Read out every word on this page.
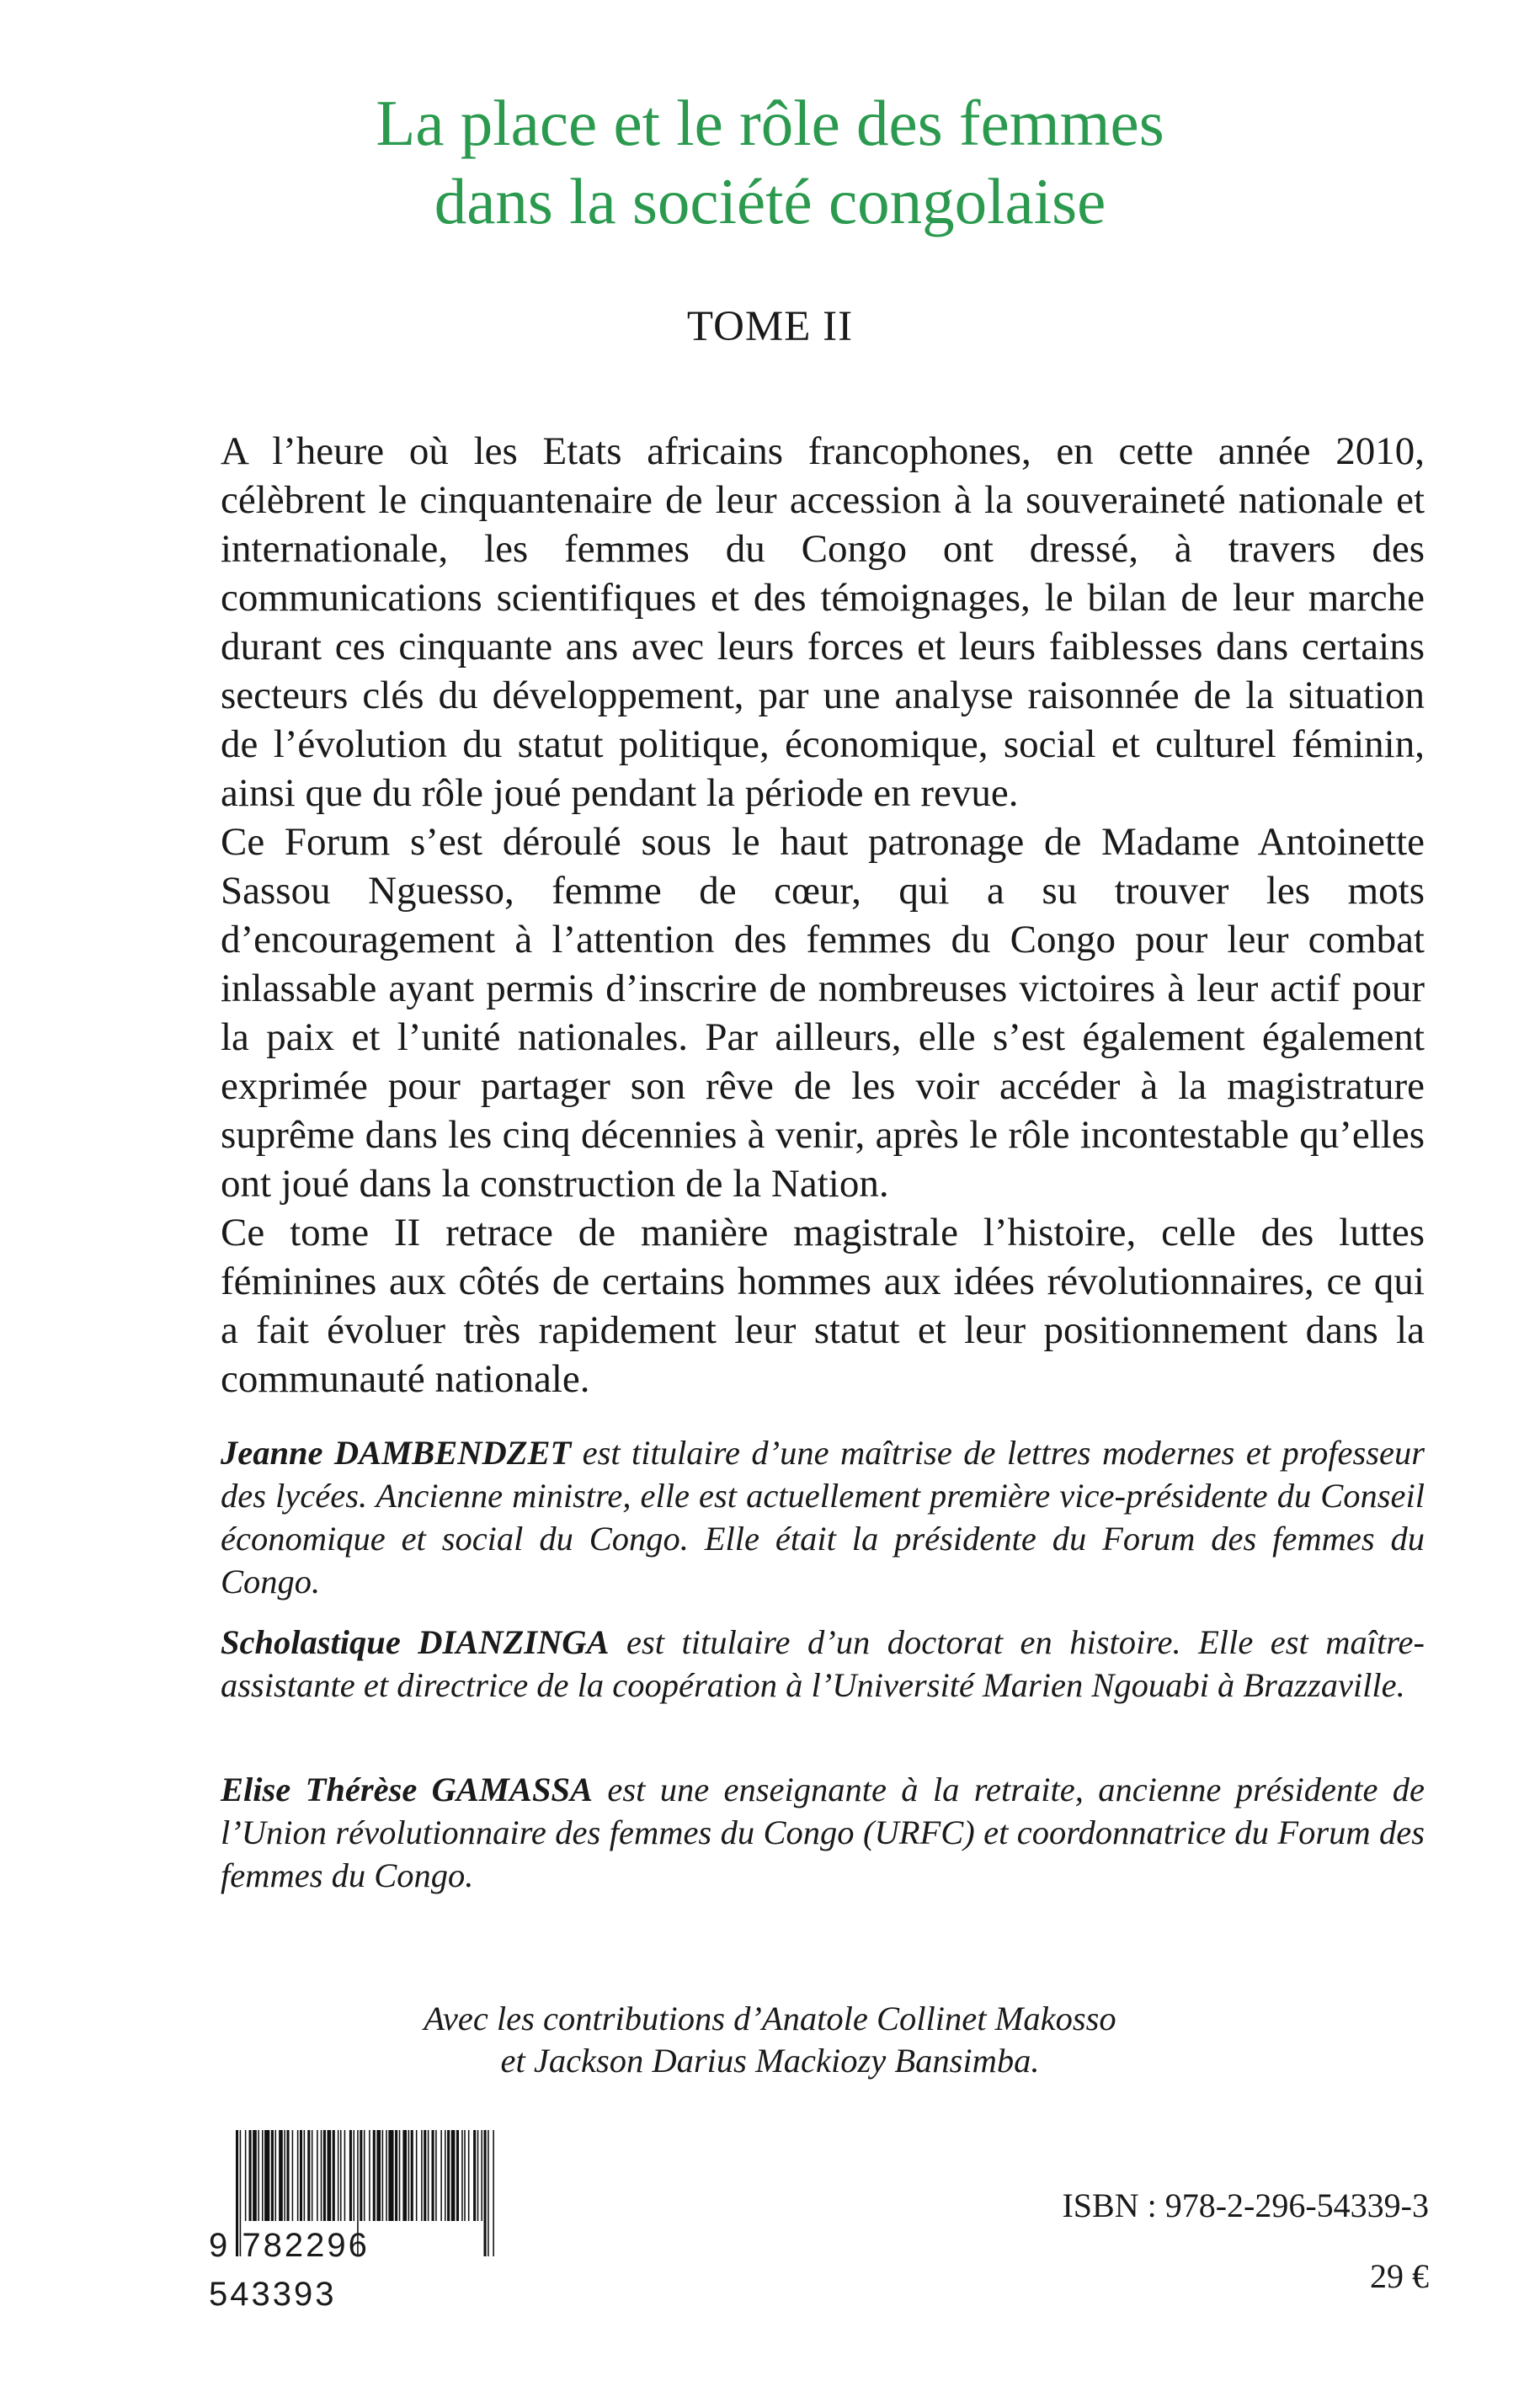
La place et le rôle des femmes
dans la société congolaise
TOME II

A l’heure où les Etats africains francophones, en cette année 2010, célèbrent le cinquantenaire de leur accession à la souveraineté nationale et internationale, les femmes du Congo ont dressé, à travers des communications scientifiques et des témoignages, le bilan de leur marche durant ces cinquante ans avec leurs forces et leurs faiblesses dans certains secteurs clés du développement, par une analyse raisonnée de la situation de l’évolution du statut politique, économique, social et culturel féminin, ainsi que du rôle joué pendant la période en revue.

Ce Forum s’est déroulé sous le haut patronage de Madame Antoinette Sassou Nguesso, femme de cœur, qui a su trouver les mots d’encouragement à l’attention des femmes du Congo pour leur combat inlassable ayant permis d’inscrire de nombreuses victoires à leur actif pour la paix et l’unité nationales. Par ailleurs, elle s’est également également exprimée pour partager son rêve de les voir accéder à la magistrature suprême dans les cinq décennies à venir, après le rôle incontestable qu’elles ont joué dans la construction de la Nation.

Ce tome II retrace de manière magistrale l’histoire, celle des luttes féminines aux côtés de certains hommes aux idées révolutionnaires, ce qui a fait évoluer très rapidement leur statut et leur positionnement dans la communauté nationale.

Jeanne DAMBENDZET est titulaire d’une maîtrise de lettres modernes et professeur des lycées. Ancienne ministre, elle est actuellement première vice-présidente du Conseil économique et social du Congo. Elle était la présidente du Forum des femmes du Congo.
Scholastique DIANZINGA est titulaire d’un doctorat en histoire. Elle est maître-assistante et directrice de la coopération à l’Université Marien Ngouabi à Brazzaville.
Elise Thérèse GAMASSA est une enseignante à la retraite, ancienne présidente de l’Union révolutionnaire des femmes du Congo (URFC) et coordonnatrice du Forum des femmes du Congo.
Avec les contributions d’Anatole Collinet Makosso
et Jackson Darius Mackiozy Bansimba.
9 782296 543393
ISBN : 978-2-296-54339-3
29 €
